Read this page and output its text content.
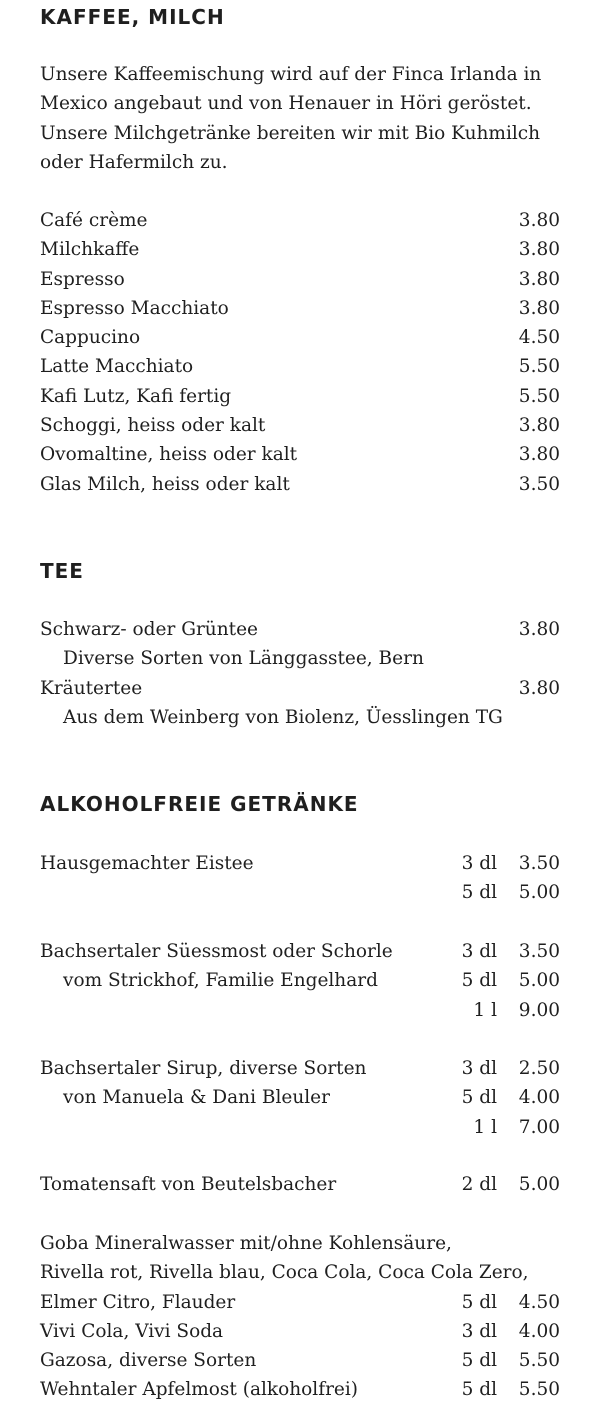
KAFFEE, MILCH
Unsere Kaffeemischung wird auf der Finca Irlanda in
Mexico angebaut und von Henauer in Höri geröstet.
Unsere Milchgetränke bereiten wir mit Bio Kuhmilch
oder Hafermilch zu.
Café crème	3.80
Milchkaffe	3.80
Espresso	3.80
Espresso Macchiato	3.80
Cappucino	4.50
Latte Macchiato	5.50
Kafi Lutz, Kafi fertig	5.50
Schoggi, heiss oder kalt	3.80
Ovomaltine, heiss oder kalt	3.80
Glas Milch, heiss oder kalt	3.50
TEE
Schwarz- oder Grüntee	3.80
Diverse Sorten von Länggasstee, Bern
Kräutertee	3.80
Aus dem Weinberg von Biolenz, Üesslingen TG
ALKOHOLFREIE GETRÄNKE
Hausgemachter Eistee	3 dl 3.50
5 dl 5.00
Bachsertaler Süessmost oder Schorle	3 dl 3.50
vom Strickhof, Familie Engelhard	5 dl 5.00
1 l 9.00
Bachsertaler Sirup, diverse Sorten	3 dl 2.50
von Manuela & Dani Bleuler	5 dl 4.00
1 l 7.00
Tomatensaft von Beutelsbacher	2 dl 5.00
Goba Mineralwasser mit/ohne Kohlensäure,
Rivella rot, Rivella blau, Coca Cola, Coca Cola Zero,
Elmer Citro, Flauder	5 dl 4.50
Vivi Cola, Vivi Soda	3 dl 4.00
Gazosa, diverse Sorten	5 dl 5.50
Wehntaler Apfelmost (alkoholfrei)	5 dl 5.50
